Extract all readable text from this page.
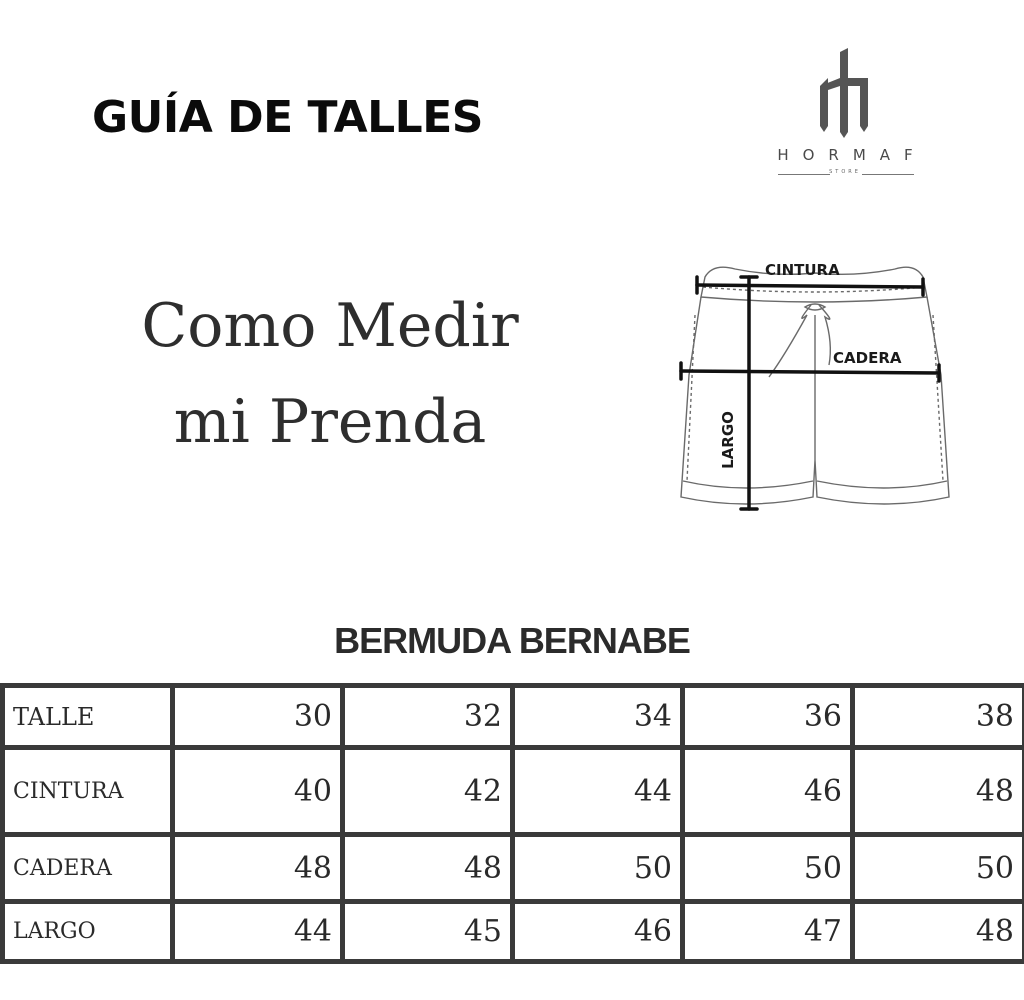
GUÍA DE TALLES
HORMAF
STORE
Como Medir
mi Prenda
CINTURA
CADERA
LARGO
BERMUDA BERNABE
TALLE	30	32	34	36	38
CINTURA	40	42	44	46	48
CADERA	48	48	50	50	50
LARGO	44	45	46	47	48
